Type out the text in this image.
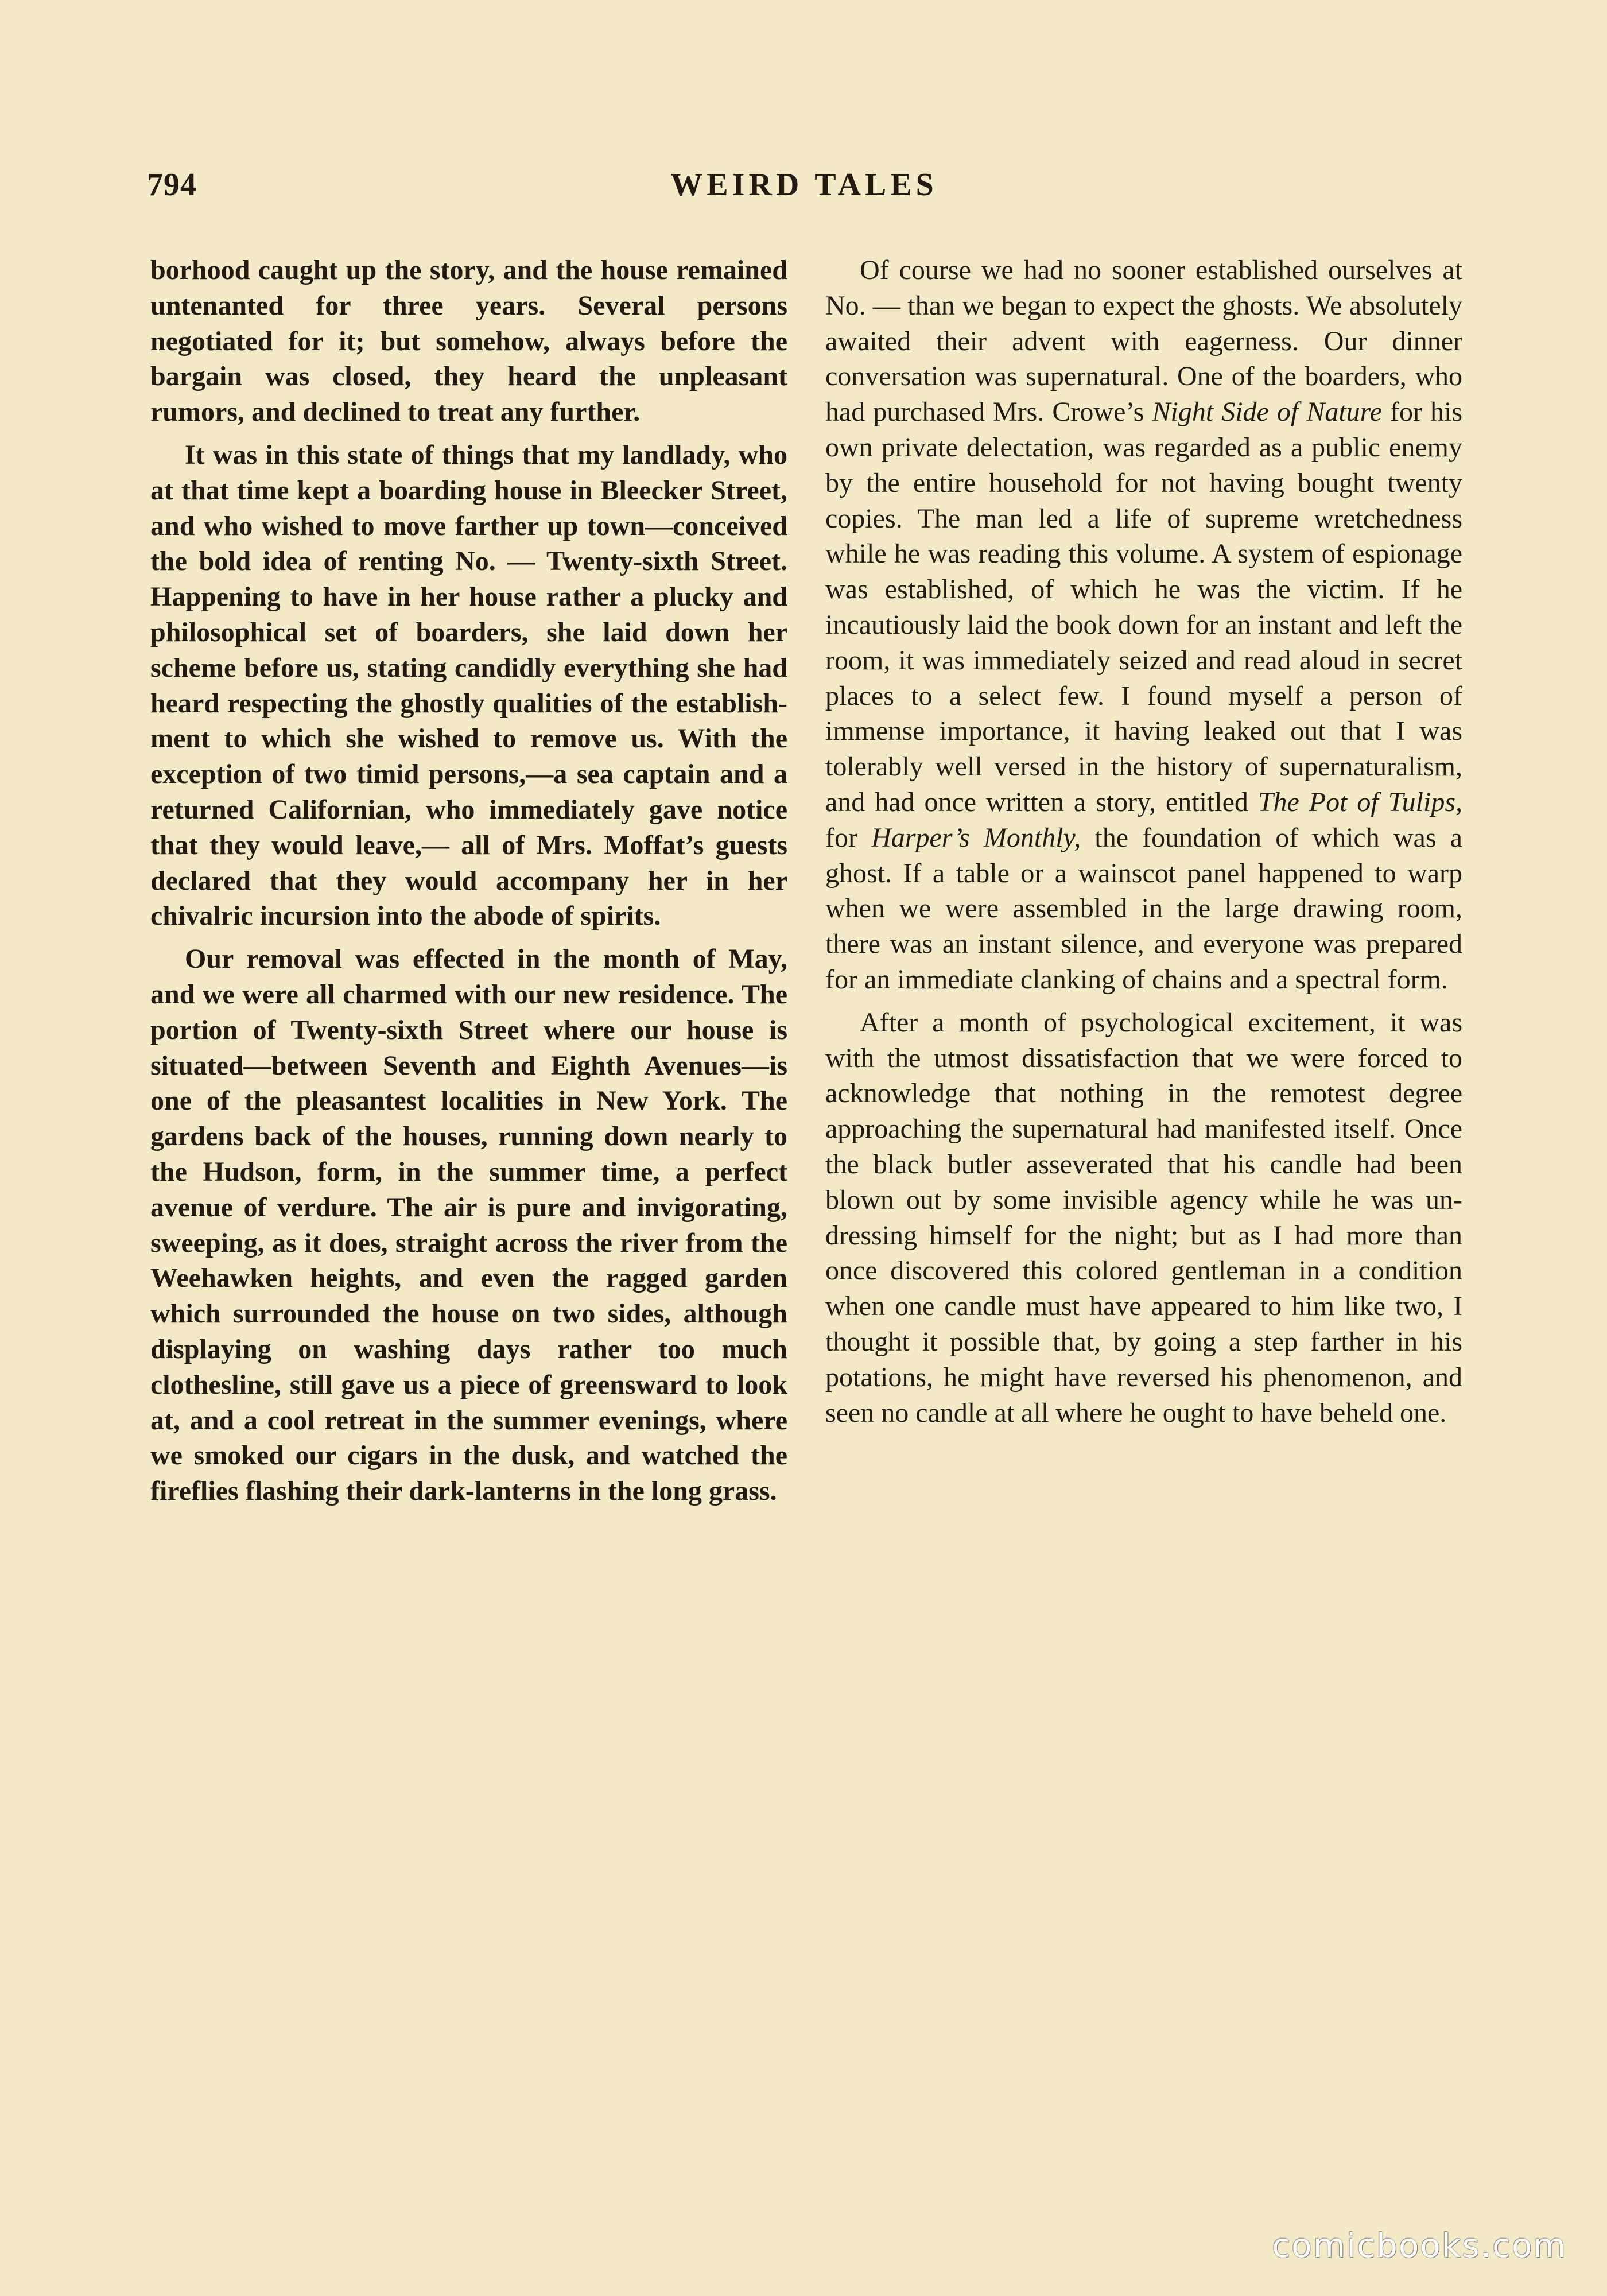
794	WEIRD TALES

borhood caught up the story, and the house remained untenanted for three years. Several persons negotiated for it; but somehow, always before the bargain was closed, they heard the unpleasant rumors, and declined to treat any further.

It was in this state of things that my landlady, who at that time kept a boarding house in Bleecker Street, and who wished to move farther up town—conceived the bold idea of renting No. — Twenty-sixth Street. Happening to have in her house rather a plucky and philosophical set of boarders, she laid down her scheme before us, stating candidly everything she had heard respecting the ghostly qualities of the establishment to which she wished to remove us. With the exception of two timid persons,—a sea captain and a returned Californian, who immediately gave notice that they would leave,— all of Mrs. Moffat’s guests declared that they would accompany her in her chivalric incursion into the abode of spirits.

Our removal was effected in the month of May, and we were all charmed with our new residence. The portion of Twenty-sixth Street where our house is situated—between Seventh and Eighth Avenues—is one of the pleasantest localities in New York. The gardens back of the houses, running down nearly to the Hudson, form, in the summer time, a perfect avenue of verdure. The air is pure and invigorating, sweeping, as it does, straight across the river from the Weehawken heights, and even the ragged garden which surrounded the house on two sides, although displaying on washing days rather too much clothesline, still gave us a piece of greensward to look at, and a cool retreat in the summer evenings, where we smoked our cigars in the dusk, and watched the fireflies flashing their dark-lanterns in the long grass.

Of course we had no sooner established ourselves at No. — than we began to expect the ghosts. We absolutely awaited their advent with eagerness. Our dinner conversation was supernatural. One of the boarders, who had purchased Mrs. Crowe’s Night Side of Nature for his own private delectation, was regarded as a public enemy by the entire household for not having bought twenty copies. The man led a life of supreme wretchedness while he was reading this volume. A system of espionage was established, of which he was the victim. If he incautiously laid the book down for an instant and left the room, it was immediately seized and read aloud in secret places to a select few. I found myself a person of immense importance, it having leaked out that I was tolerably well versed in the history of supernaturalism, and had once written a story, entitled The Pot of Tulips, for Harper’s Monthly, the foundation of which was a ghost. If a table or a wainscot panel happened to warp when we were assembled in the large drawing room, there was an instant silence, and everyone was prepared for an immediate clanking of chains and a spectral form.

After a month of psychological excitement, it was with the utmost dissatisfaction that we were forced to acknowledge that nothing in the remotest degree approaching the supernatural had manifested itself. Once the black butler asseverated that his candle had been blown out by some invisible agency while he was undressing himself for the night; but as I had more than once discovered this colored gentleman in a condition when one candle must have appeared to him like two, I thought it possible that, by going a step farther in his potations, he might have reversed his phenomenon, and seen no candle at all where he ought to have beheld one.

comicbooks.com
